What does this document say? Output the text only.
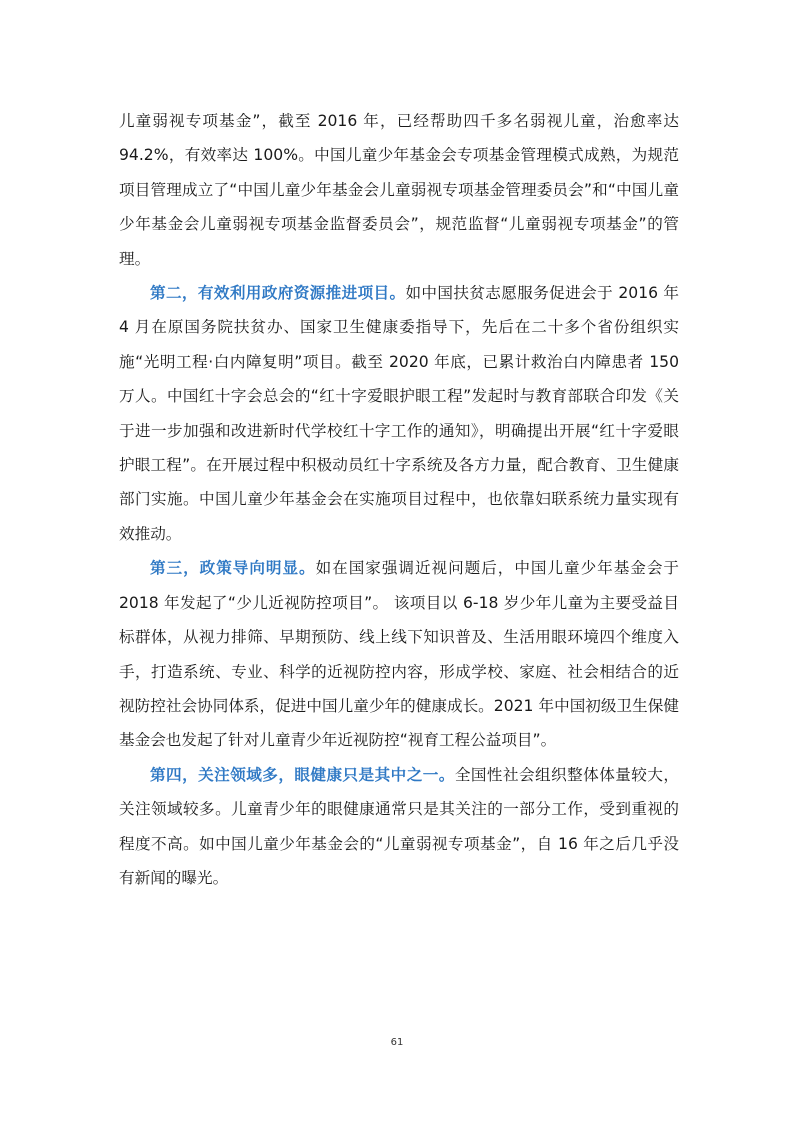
儿童弱视专项基金”，截至 2016 年，已经帮助四千多名弱视儿童，治愈率达 94.2%，有效率达 100%。中国儿童少年基金会专项基金管理模式成熟，为规范项目管理成立了“中国儿童少年基金会儿童弱视专项基金管理委员会”和“中国儿童少年基金会儿童弱视专项基金监督委员会”，规范监督“儿童弱视专项基金”的管理。

第二，有效利用政府资源推进项目。如中国扶贫志愿服务促进会于 2016 年 4 月在原国务院扶贫办、国家卫生健康委指导下，先后在二十多个省份组织实施“光明工程·白内障复明”项目。截至 2020 年底，已累计救治白内障患者 150 万人。中国红十字会总会的“红十字爱眼护眼工程”发起时与教育部联合印发《关于进一步加强和改进新时代学校红十字工作的通知》，明确提出开展“红十字爱眼护眼工程”。在开展过程中积极动员红十字系统及各方力量，配合教育、卫生健康部门实施。中国儿童少年基金会在实施项目过程中，也依靠妇联系统力量实现有效推动。

第三，政策导向明显。如在国家强调近视问题后，中国儿童少年基金会于 2018 年发起了“少儿近视防控项目”。 该项目以 6-18 岁少年儿童为主要受益目标群体，从视力排筛、早期预防、线上线下知识普及、生活用眼环境四个维度入手，打造系统、专业、科学的近视防控内容，形成学校、家庭、社会相结合的近视防控社会协同体系，促进中国儿童少年的健康成长。2021 年中国初级卫生保健基金会也发起了针对儿童青少年近视防控“视育工程公益项目”。

第四，关注领域多，眼健康只是其中之一。全国性社会组织整体体量较大，关注领域较多。儿童青少年的眼健康通常只是其关注的一部分工作，受到重视的程度不高。如中国儿童少年基金会的“儿童弱视专项基金”，自 16 年之后几乎没有新闻的曝光。

61
